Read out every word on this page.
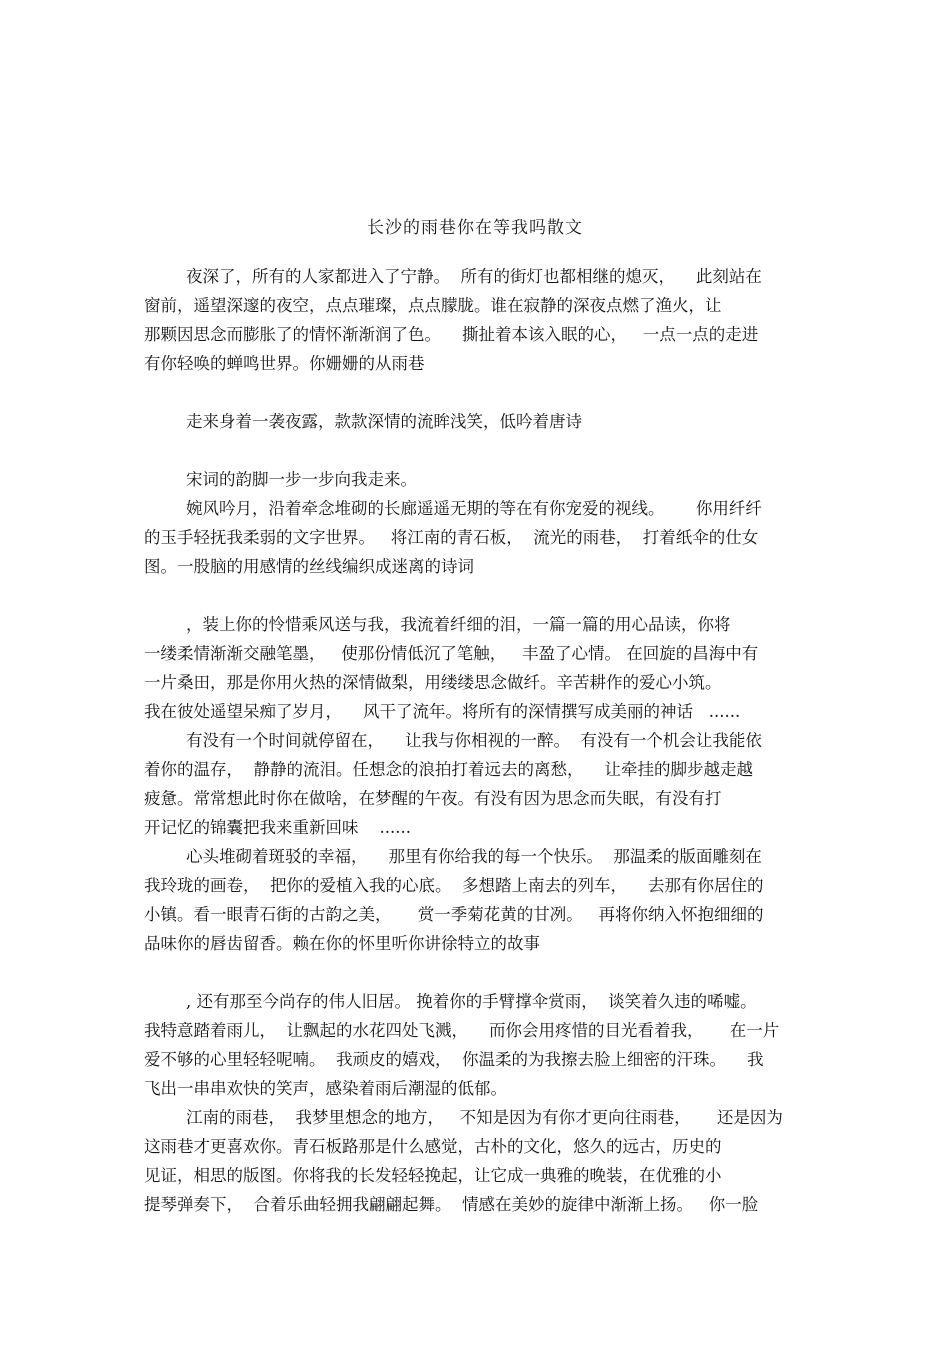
长沙的雨巷你在等我吗散文
夜深了，所有的人家都进入了宁静。  所有的街灯也都相继的熄灭，    此刻站在
窗前，遥望深邃的夜空，点点璀璨，点点朦胧。谁在寂静的深夜点燃了渔火，让
那颗因思念而膨胀了的情怀渐渐润了色。    撕扯着本该入眠的心，   一点一点的走进
有你轻唤的蝉鸣世界。你姗姗的从雨巷
走来身着一袭夜露，款款深情的流眸浅笑，低吟着唐诗
宋词的韵脚一步一步向我走来。
婉风吟月，沿着牵念堆砌的长廊遥遥无期的等在有你宠爱的视线。      你用纤纤
的玉手轻抚我柔弱的文字世界。   将江南的青石板，  流光的雨巷，  打着纸伞的仕女
图。一股脑的用感情的丝线编织成迷离的诗词
，装上你的怜惜乘风送与我，我流着纤细的泪，一篇一篇的用心品读，你将
一缕柔情渐渐交融笔墨，   使那份情低沉了笔触，   丰盈了心情。 在回旋的昌海中有
一片桑田，那是你用火热的深情做梨，用缕缕思念做纤。辛苦耕作的爱心小筑。
我在彼处遥望呆痴了岁月，    风干了流年。将所有的深情撰写成美丽的神话   ......
有没有一个时间就停留在，    让我与你相视的一醉。  有没有一个机会让我能依
着你的温存，  静静的流泪。任想念的浪拍打着远去的离愁，    让牵挂的脚步越走越
疲惫。常常想此时你在做啥，在梦醒的午夜。有没有因为思念而失眠，有没有打
开记忆的锦囊把我来重新回味    ......
心头堆砌着斑驳的幸福，    那里有你给我的每一个快乐。  那温柔的版面雕刻在
我玲珑的画卷，  把你的爱植入我的心底。  多想踏上南去的列车，    去那有你居住的
小镇。看一眼青石街的古韵之美，     赏一季菊花黄的甘冽。   再将你纳入怀抱细细的
品味你的唇齿留香。赖在你的怀里听你讲徐特立的故事
, 还有那至今尚存的伟人旧居。 挽着你的手臂撑伞赏雨，  谈笑着久违的唏嘘。
我特意踏着雨儿，  让飘起的水花四处飞溅，    而你会用疼惜的目光看着我，     在一片
爱不够的心里轻轻呢喃。  我顽皮的嬉戏，  你温柔的为我擦去脸上细密的汗珠。    我
飞出一串串欢快的笑声，感染着雨后潮湿的低郁。
江南的雨巷，  我梦里想念的地方，   不知是因为有你才更向往雨巷，     还是因为
这雨巷才更喜欢你。青石板路那是什么感觉，古朴的文化，悠久的远古，历史的
见证，相思的版图。你将我的长发轻轻挽起，让它成一典雅的晚装，在优雅的小
提琴弹奏下，  合着乐曲轻拥我翩翩起舞。  情感在美妙的旋律中渐渐上扬。   你一脸
